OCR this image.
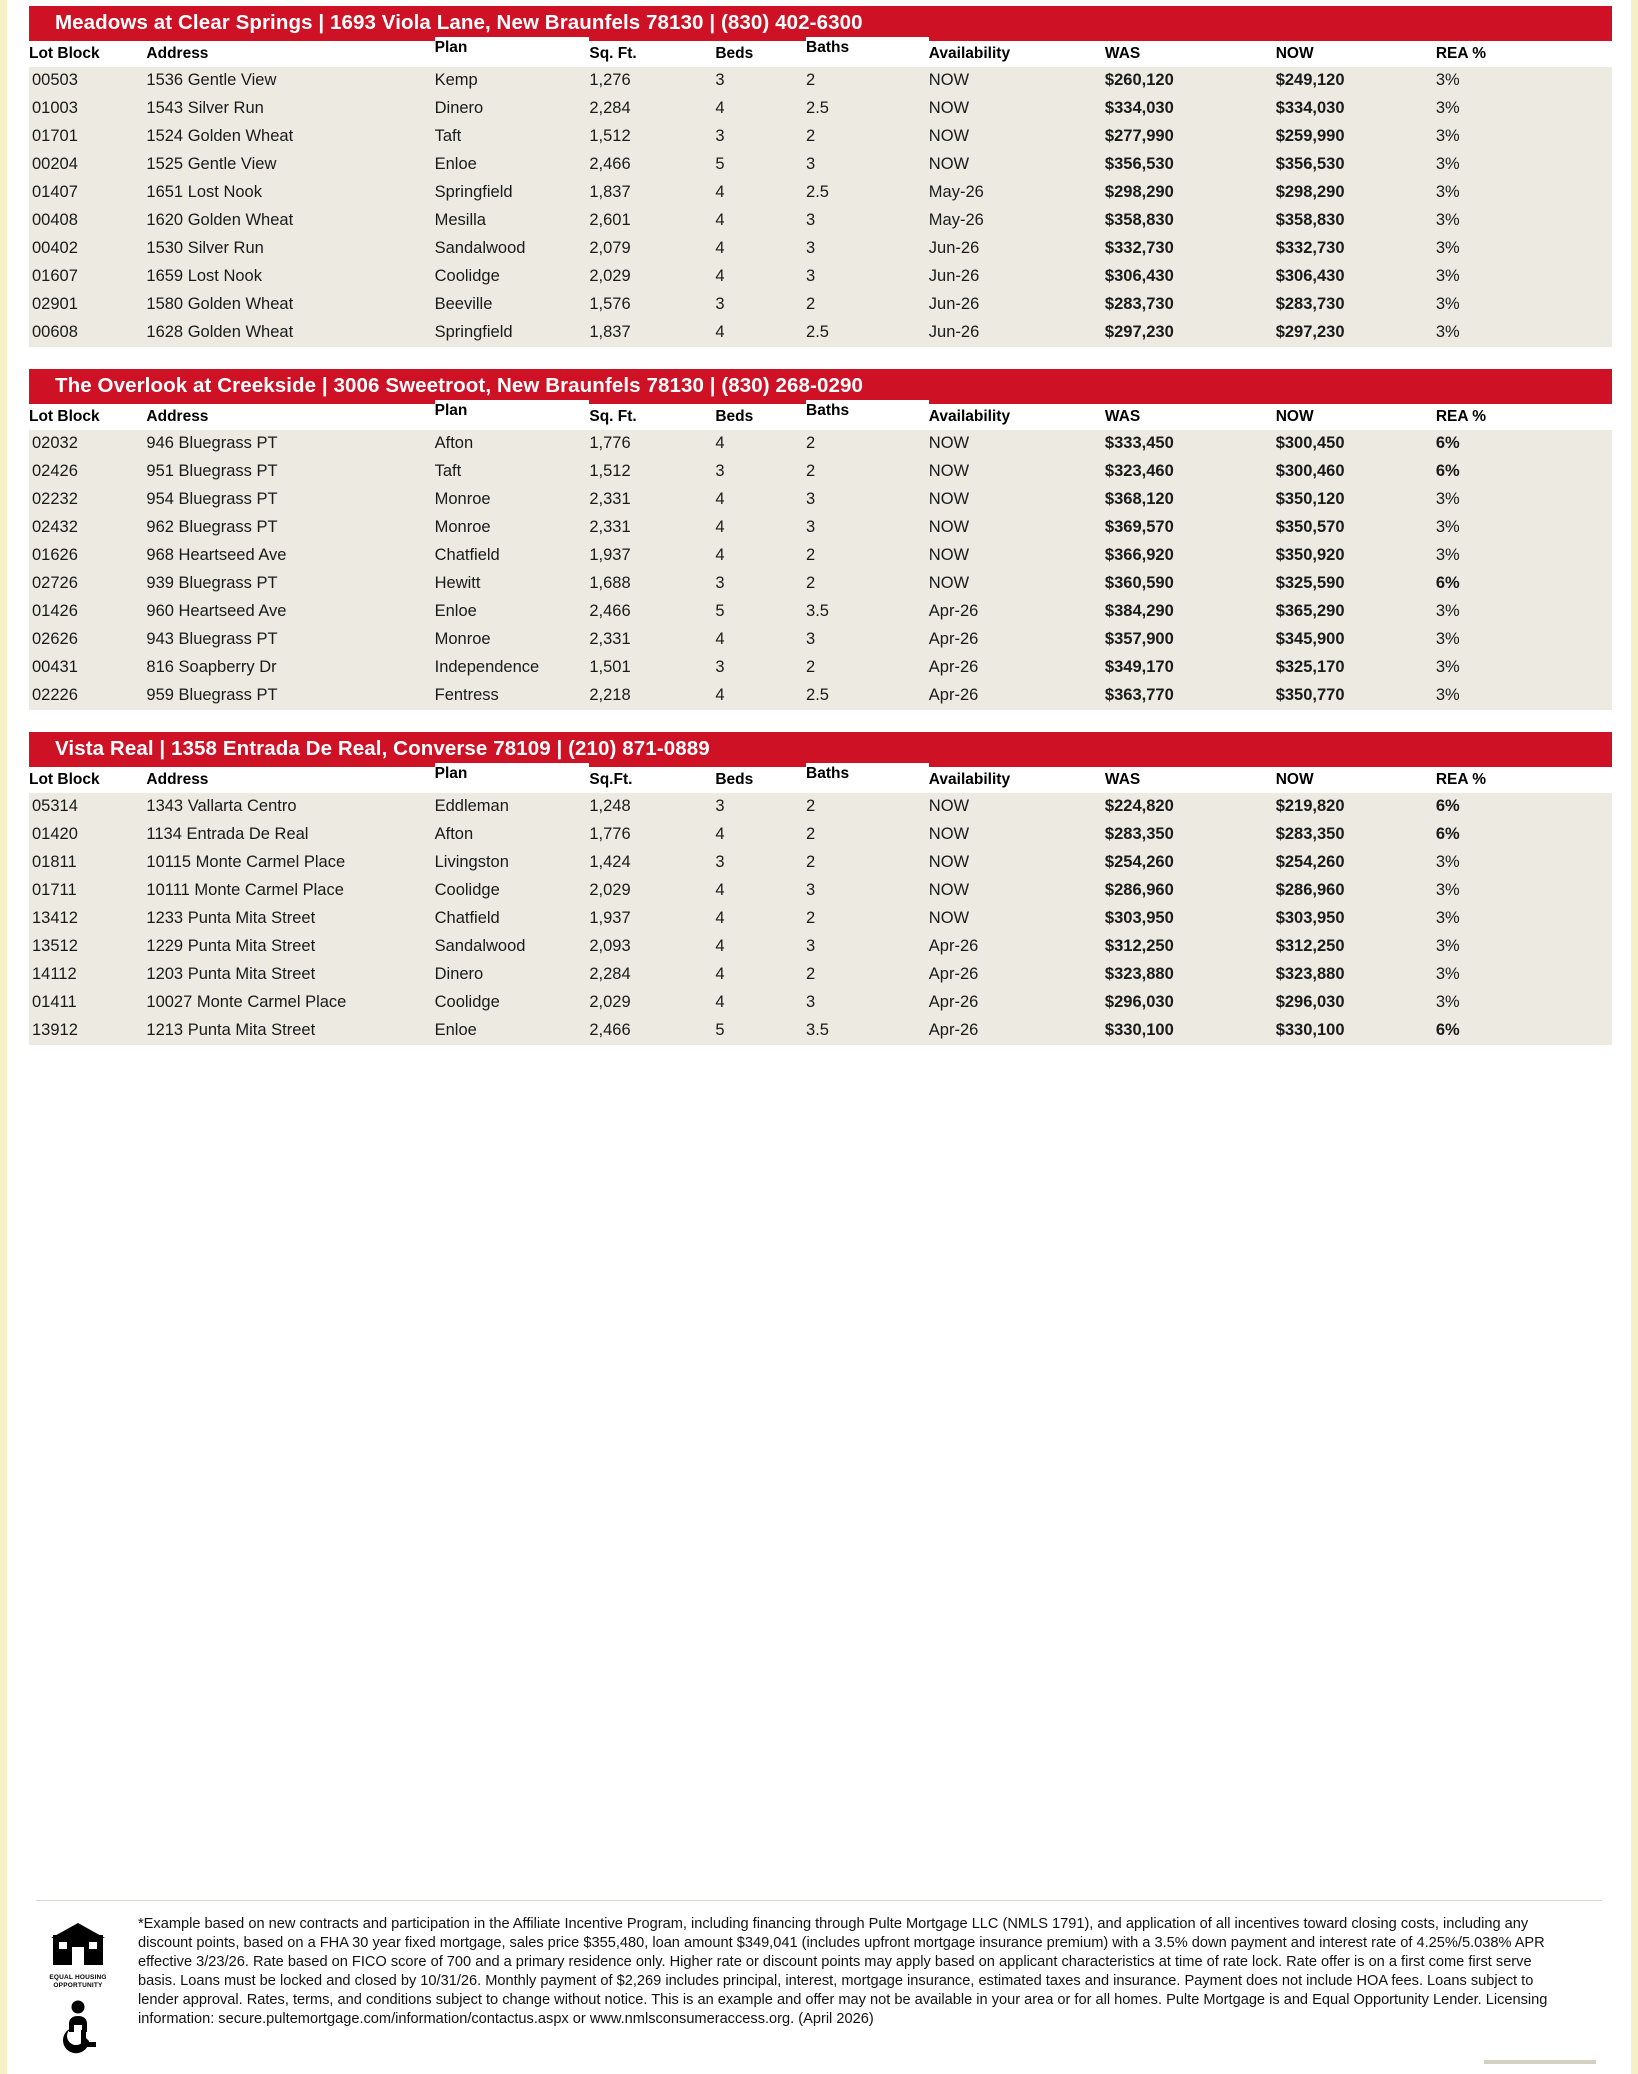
Meadows at Clear Springs | 1693 Viola Lane, New Braunfels 78130 | (830) 402-6300
Lot Block	Address	Plan	Sq. Ft.	Beds	Baths	Availability	WAS	NOW	REA %
00503	1536 Gentle View	Kemp	1,276	3	2	NOW	$260,120	$249,120	3%
01003	1543 Silver Run	Dinero	2,284	4	2.5	NOW	$334,030	$334,030	3%
01701	1524 Golden Wheat	Taft	1,512	3	2	NOW	$277,990	$259,990	3%
00204	1525 Gentle View	Enloe	2,466	5	3	NOW	$356,530	$356,530	3%
01407	1651 Lost Nook	Springfield	1,837	4	2.5	May-26	$298,290	$298,290	3%
00408	1620 Golden Wheat	Mesilla	2,601	4	3	May-26	$358,830	$358,830	3%
00402	1530 Silver Run	Sandalwood	2,079	4	3	Jun-26	$332,730	$332,730	3%
01607	1659 Lost Nook	Coolidge	2,029	4	3	Jun-26	$306,430	$306,430	3%
02901	1580 Golden Wheat	Beeville	1,576	3	2	Jun-26	$283,730	$283,730	3%
00608	1628 Golden Wheat	Springfield	1,837	4	2.5	Jun-26	$297,230	$297,230	3%
The Overlook at Creekside | 3006 Sweetroot, New Braunfels 78130 | (830) 268-0290
Lot Block	Address	Plan	Sq. Ft.	Beds	Baths	Availability	WAS	NOW	REA %
02032	946 Bluegrass PT	Afton	1,776	4	2	NOW	$333,450	$300,450	6%
02426	951 Bluegrass PT	Taft	1,512	3	2	NOW	$323,460	$300,460	6%
02232	954 Bluegrass PT	Monroe	2,331	4	3	NOW	$368,120	$350,120	3%
02432	962 Bluegrass PT	Monroe	2,331	4	3	NOW	$369,570	$350,570	3%
01626	968 Heartseed Ave	Chatfield	1,937	4	2	NOW	$366,920	$350,920	3%
02726	939 Bluegrass PT	Hewitt	1,688	3	2	NOW	$360,590	$325,590	6%
01426	960 Heartseed Ave	Enloe	2,466	5	3.5	Apr-26	$384,290	$365,290	3%
02626	943 Bluegrass PT	Monroe	2,331	4	3	Apr-26	$357,900	$345,900	3%
00431	816 Soapberry Dr	Independence	1,501	3	2	Apr-26	$349,170	$325,170	3%
02226	959 Bluegrass PT	Fentress	2,218	4	2.5	Apr-26	$363,770	$350,770	3%
Vista Real | 1358 Entrada De Real, Converse 78109 | (210) 871-0889
Lot Block	Address	Plan	Sq.Ft.	Beds	Baths	Availability	WAS	NOW	REA %
05314	1343 Vallarta Centro	Eddleman	1,248	3	2	NOW	$224,820	$219,820	6%
01420	1134 Entrada De Real	Afton	1,776	4	2	NOW	$283,350	$283,350	6%
01811	10115 Monte Carmel Place	Livingston	1,424	3	2	NOW	$254,260	$254,260	3%
01711	10111 Monte Carmel Place	Coolidge	2,029	4	3	NOW	$286,960	$286,960	3%
13412	1233 Punta Mita Street	Chatfield	1,937	4	2	NOW	$303,950	$303,950	3%
13512	1229 Punta Mita Street	Sandalwood	2,093	4	3	Apr-26	$312,250	$312,250	3%
14112	1203 Punta Mita Street	Dinero	2,284	4	2	Apr-26	$323,880	$323,880	3%
01411	10027 Monte Carmel Place	Coolidge	2,029	4	3	Apr-26	$296,030	$296,030	3%
13912	1213 Punta Mita Street	Enloe	2,466	5	3.5	Apr-26	$330,100	$330,100	6%
EQUAL HOUSING
OPPORTUNITY
*Example based on new contracts and participation in the Affiliate Incentive Program, including financing through Pulte Mortgage LLC (NMLS 1791), and application of all incentives toward closing costs, including any discount points, based on a FHA 30 year fixed mortgage, sales price $355,480, loan amount $349,041 (includes upfront mortgage insurance premium) with a 3.5% down payment and interest rate of 4.25%/5.038% APR effective 3/23/26. Rate based on FICO score of 700 and a primary residence only. Higher rate or discount points may apply based on applicant characteristics at time of rate lock. Rate offer is on a first come first serve basis. Loans must be locked and closed by 10/31/26. Monthly payment of $2,269 includes principal, interest, mortgage insurance, estimated taxes and insurance. Payment does not include HOA fees. Loans subject to lender approval. Rates, terms, and conditions subject to change without notice. This is an example and offer may not be available in your area or for all homes. Pulte Mortgage is and Equal Opportunity Lender. Licensing information: secure.pultemortgage.com/information/contactus.aspx or www.nmlsconsumeraccess.org. (April 2026)
